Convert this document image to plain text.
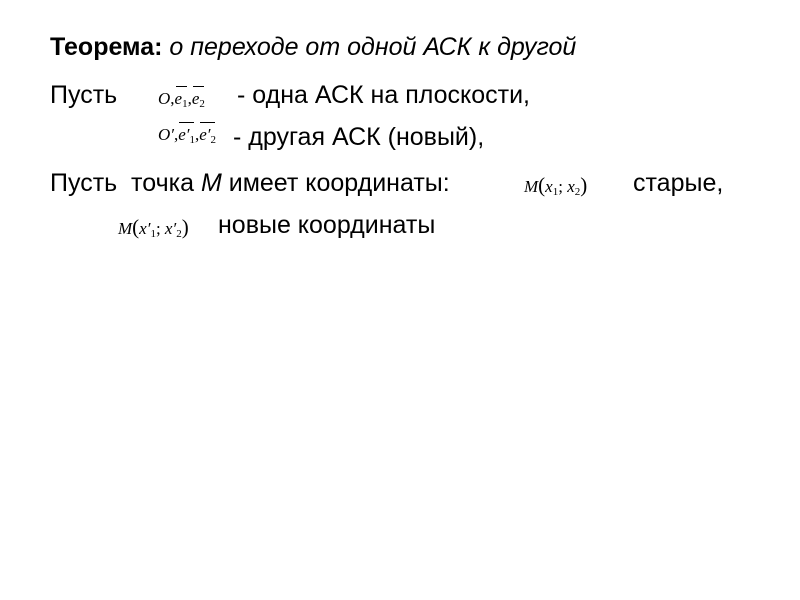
Теорема: о переходе от одной АСК к другой
Пусть $O,e_1,e_2$ - одна АСК на плоскости,
$O',e'_1,e'_2$ - другая АСК (новый),
Пусть  точка M имеет координаты:	$M(x_1$; $x_2$) старые,
$M(x'_1$; $x'_2$) новые координаты
